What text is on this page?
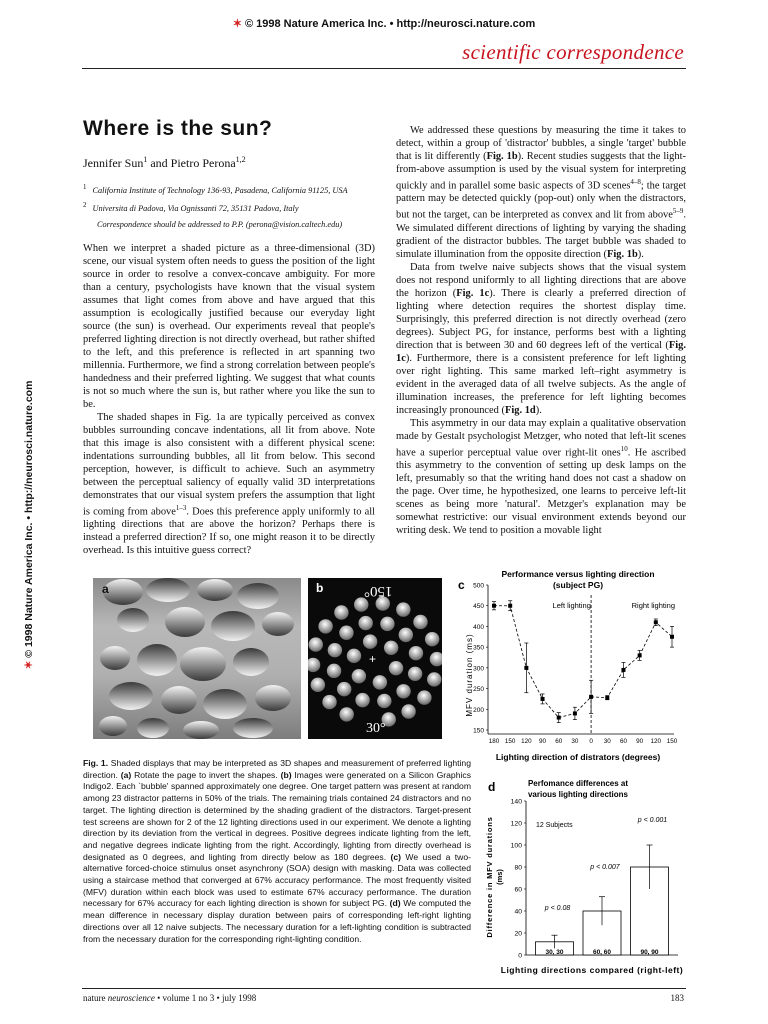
✶ © 1998 Nature America Inc. • http://neurosci.nature.com
scientific correspondence
✶ © 1998 Nature America Inc. • http://neurosci.nature.com
Where is the sun?
Jennifer Sun$^1$ and Pietro Perona$^{1,2}$
$^1$ California Institute of Technology 136-93, Pasadena, California 91125, USA
$^2$ Universita di Padova, Via Ognissanti 72, 35131 Padova, Italy
Correspondence should be addressed to P.P. (perona@vision.caltech.edu)

When we interpret a shaded picture as a three-dimensional (3D) scene, our visual system often needs to guess the position of the light source in order to resolve a convex-concave ambiguity. For more than a century, psychologists have known that the visual system assumes that light comes from above and have argued that this assumption is ecologically justified because our everyday light source (the sun) is overhead. Our experiments reveal that people's preferred lighting direction is not directly overhead, but rather shifted to the left, and this preference is reflected in art spanning two millennia. Furthermore, we find a strong correlation between people's handedness and their preferred lighting. We suggest that what counts is not so much where the sun is, but rather where you like the sun to be.

The shaded shapes in Fig. 1a are typically perceived as convex bubbles surrounding concave indentations, all lit from above. Note that this image is also consistent with a different physical scene: indentations surrounding bubbles, all lit from below. This second perception, however, is difficult to achieve. Such an asymmetry between the perceptual saliency of equally valid 3D interpretations demonstrates that our visual system prefers the assumption that light is coming from above$^{1-3}$. Does this preference apply uniformly to all lighting directions that are above the horizon? Perhaps there is instead a preferred direction? If so, one might reason it to be directly overhead. Is this intuitive guess correct?

We addressed these questions by measuring the time it takes to detect, within a group of 'distractor' bubbles, a single 'target' bubble that is lit differently (Fig. 1b). Recent studies suggests that the light-from-above assumption is used by the visual system for interpreting quickly and in parallel some basic aspects of 3D scenes$^{4-8}$; the target pattern may be detected quickly (pop-out) only when the distractors, but not the target, can be interpreted as convex and lit from above$^{5-9}$. We simulated different directions of lighting by varying the shading gradient of the distractor bubbles. The target bubble was shaded to simulate illumination from the opposite direction (Fig. 1b).

Data from twelve naive subjects shows that the visual system does not respond uniformly to all lighting directions that are above the horizon (Fig. 1c). There is clearly a preferred direction of lighting where detection requires the shortest display time. Surprisingly, this preferred direction is not directly overhead (zero degrees). Subject PG, for instance, performs best with a lighting direction that is between 30 and 60 degrees left of the vertical (Fig. 1c). Furthermore, there is a consistent preference for left lighting over right lighting. This same marked left–right asymmetry is evident in the averaged data of all twelve subjects. As the angle of illumination increases, the preference for left lighting becomes increasingly pronounced (Fig. 1d).

This asymmetry in our data may explain a qualitative observation made by Gestalt psychologist Metzger, who noted that left-lit scenes have a superior perceptual value over right-lit ones$^{10}$. He ascribed this asymmetry to the convention of setting up desk lamps on the left, presumably so that the writing hand does not cast a shadow on the page. Over time, he hypothesized, one learns to perceive left-lit scenes as being more 'natural'. Metzger's explanation may be somewhat restrictive: our visual environment extends beyond our writing desk. We tend to position a movable light

a	b	150°
30°
+
c
Performance versus lighting direction
(subject PG)
MFV duration (ms)
Lighting direction of distrators (degrees)
150
200
250
300
350
400
450
500
180 150 120 90 60 30 0 30 60 90 120 150
Left lighting	Right lighting
d	Perfomance differences at
various lighting directions
Difference in MFV durations (ms)
Lighting directions compared (right-left)
0
20
40
60
80
100
120
140
12 Subjects
30, 30
p < 0.08
60, 60
p < 0.007
90, 90
p < 0.001
Fig. 1. Shaded displays that may be interpreted as 3D shapes and measurement of preferred lighting direction. (a) Rotate the page to invert the shapes. (b) Images were generated on a Silicon Graphics Indigo2. Each `bubble' spanned approximately one degree. One target pattern was present at random among 23 distractor patterns in 50% of the trials. The remaining trials contained 24 distractors and no target. The lighting direction is determined by the shading gradient of the distractors. Target-present test screens are shown for 2 of the 12 lighting directions used in our experiment. We denote a lighting direction by its deviation from the vertical in degrees. Positive degrees indicate lighting from the left, and negative degrees indicate lighting from the right. Accordingly, lighting from directly overhead is designated as 0 degrees, and lighting from directly below as 180 degrees. (c) We used a two-alternative forced-choice stimulus onset asynchrony (SOA) design with masking. Data was collected using a staircase method that converged at 67% accuracy performance. The most frequently visited (MFV) duration within each block was used to estimate 67% accuracy performance. The duration necessary for 67% accuracy for each lighting direction is shown for subject PG. (d) We computed the mean difference in necessary display duration between pairs of corresponding left-right lighting directions over all 12 naive subjects. The necessary duration for a left-lighting condition is subtracted from the necessary duration for the corresponding right-lighting condition.
nature neuroscience • volume 1 no 3 • july 1998	183
